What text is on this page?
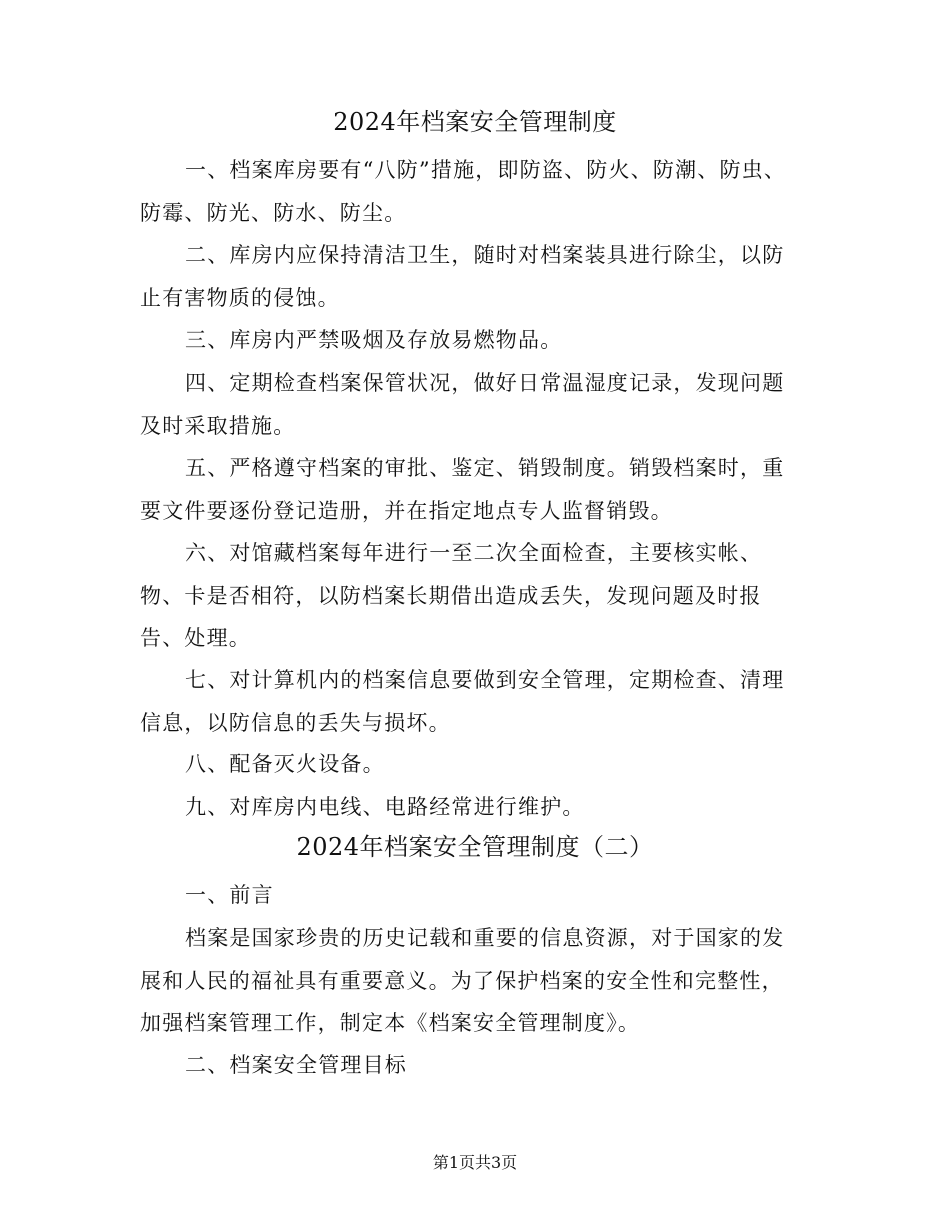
2024年档案安全管理制度

一、档案库房要有“八防”措施，即防盗、防火、防潮、防虫、防霉、防光、防水、防尘。

二、库房内应保持清洁卫生，随时对档案装具进行除尘，以防止有害物质的侵蚀。

三、库房内严禁吸烟及存放易燃物品。

四、定期检查档案保管状况，做好日常温湿度记录，发现问题及时采取措施。

五、严格遵守档案的审批、鉴定、销毁制度。销毁档案时，重要文件要逐份登记造册，并在指定地点专人监督销毁。

六、对馆藏档案每年进行一至二次全面检查，主要核实帐、物、卡是否相符，以防档案长期借出造成丢失，发现问题及时报告、处理。

七、对计算机内的档案信息要做到安全管理，定期检查、清理信息，以防信息的丢失与损坏。

八、配备灭火设备。

九、对库房内电线、电路经常进行维护。

2024年档案安全管理制度（二）

一、前言

档案是国家珍贵的历史记载和重要的信息资源，对于国家的发展和人民的福祉具有重要意义。为了保护档案的安全性和完整性，加强档案管理工作，制定本《档案安全管理制度》。

二、档案安全管理目标

第1页共3页
